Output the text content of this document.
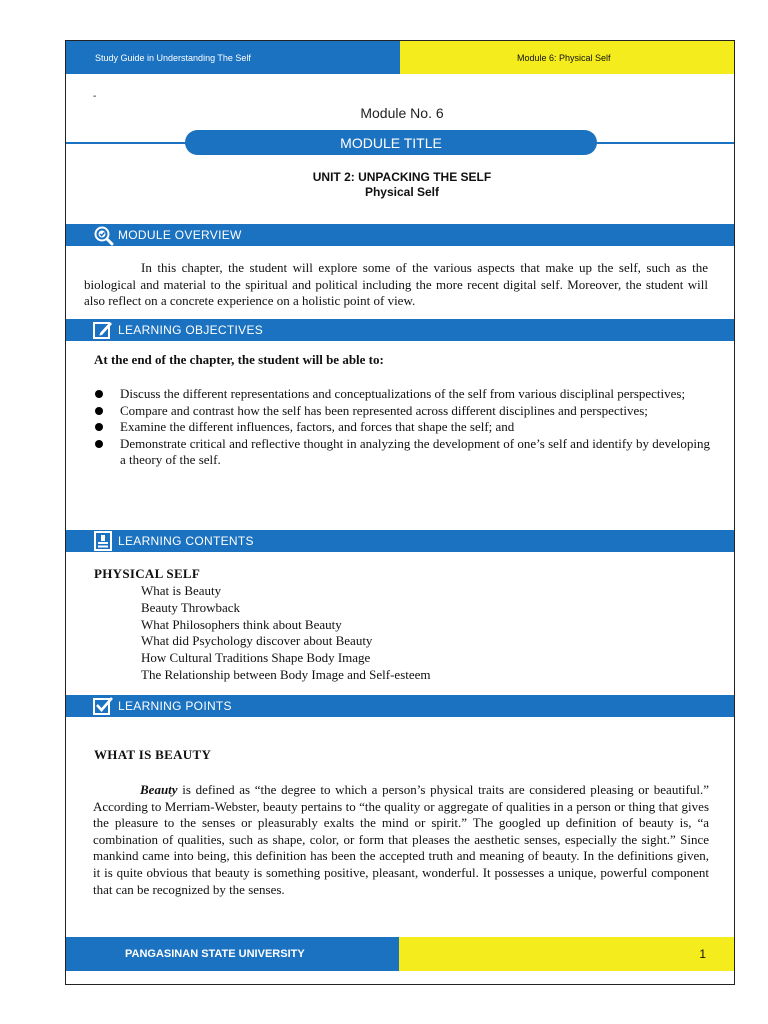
Study Guide in Understanding The Self	Module 6: Physical Self
-
Module No. 6
MODULE TITLE
UNIT 2: UNPACKING THE SELF
Physical Self
MODULE OVERVIEW

In this chapter, the student will explore some of the various aspects that make up the self, such as the biological and material to the spiritual and political including the more recent digital self. Moreover, the student will also reflect on a concrete experience on a holistic point of view.

LEARNING OBJECTIVES
At the end of the chapter, the student will be able to:
Discuss the different representations and conceptualizations of the self from various disciplinal perspectives;
Compare and contrast how the self has been represented across different disciplines and perspectives;
Examine the different influences, factors, and forces that shape the self; and
Demonstrate critical and reflective thought in analyzing the development of one’s self and identify by developing a theory of the self.
LEARNING CONTENTS
PHYSICAL SELF
What is Beauty
Beauty Throwback
What Philosophers think about Beauty
What did Psychology discover about Beauty
How Cultural Traditions Shape Body Image
The Relationship between Body Image and Self-esteem
LEARNING POINTS
WHAT IS BEAUTY

Beauty is defined as “the degree to which a person’s physical traits are considered pleasing or beautiful.” According to Merriam-Webster, beauty pertains to “the quality or aggregate of qualities in a person or thing that gives the pleasure to the senses or pleasurably exalts the mind or spirit.” The googled up definition of beauty is, “a combination of qualities, such as shape, color, or form that pleases the aesthetic senses, especially the sight.” Since mankind came into being, this definition has been the accepted truth and meaning of beauty. In the definitions given, it is quite obvious that beauty is something positive, pleasant, wonderful. It possesses a unique, powerful component that can be recognized by the senses.

PANGASINAN STATE UNIVERSITY	1
